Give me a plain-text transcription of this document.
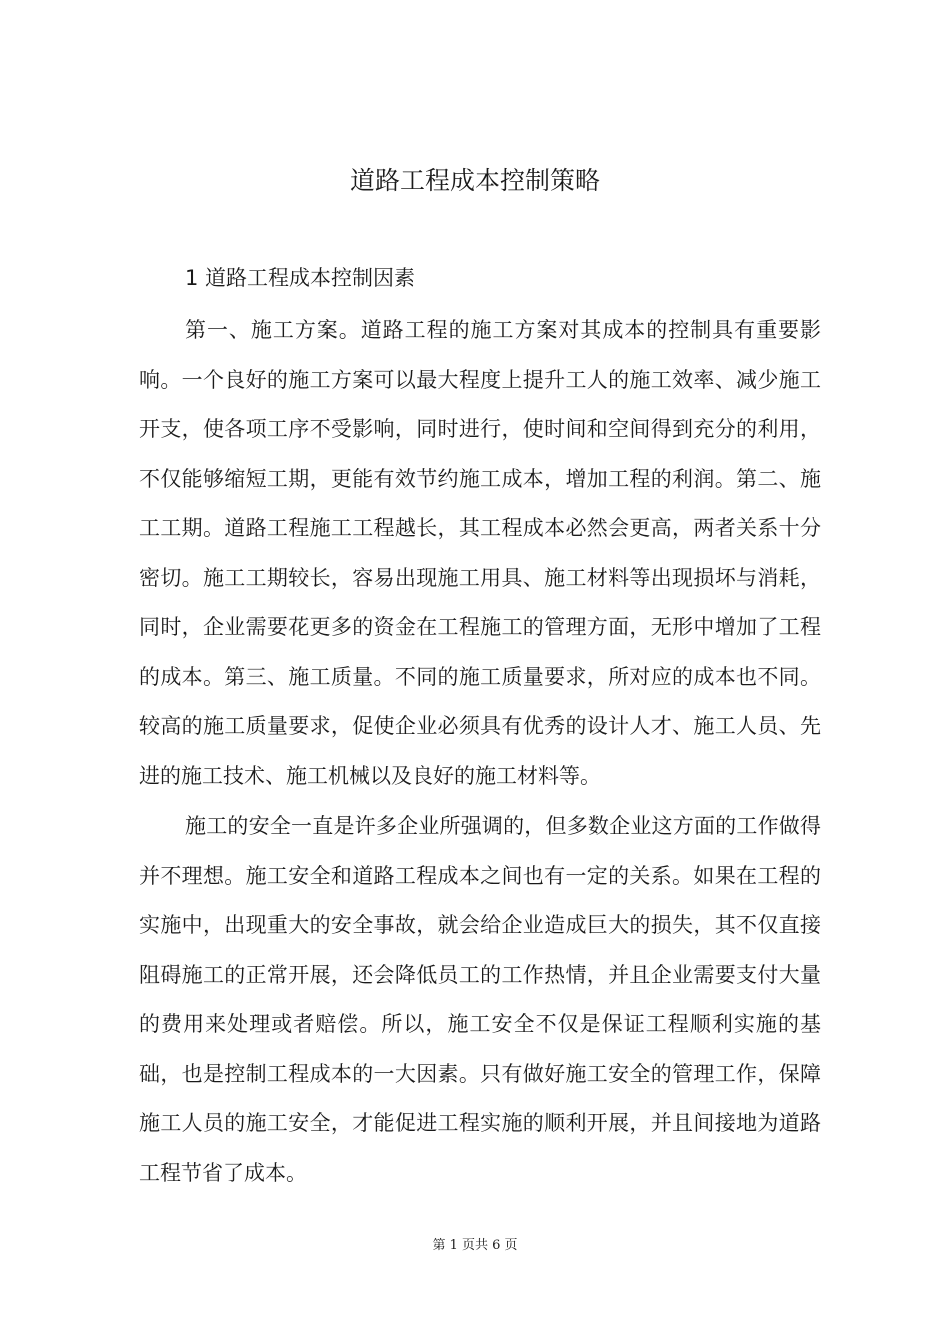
道路工程成本控制策略
1 道路工程成本控制因素

第一、施工方案。道路工程的施工方案对其成本的控制具有重要影响。一个良好的施工方案可以最大程度上提升工人的施工效率、减少施工开支，使各项工序不受影响，同时进行，使时间和空间得到充分的利用，不仅能够缩短工期，更能有效节约施工成本，增加工程的利润。第二、施工工期。道路工程施工工程越长，其工程成本必然会更高，两者关系十分密切。施工工期较长，容易出现施工用具、施工材料等出现损坏与消耗，同时，企业需要花更多的资金在工程施工的管理方面，无形中增加了工程的成本。第三、施工质量。不同的施工质量要求，所对应的成本也不同。较高的施工质量要求，促使企业必须具有优秀的设计人才、施工人员、先进的施工技术、施工机械以及良好的施工材料等。

施工的安全一直是许多企业所强调的，但多数企业这方面的工作做得并不理想。施工安全和道路工程成本之间也有一定的关系。如果在工程的实施中，出现重大的安全事故，就会给企业造成巨大的损失，其不仅直接阻碍施工的正常开展，还会降低员工的工作热情，并且企业需要支付大量的费用来处理或者赔偿。所以，施工安全不仅是保证工程顺利实施的基础，也是控制工程成本的一大因素。只有做好施工安全的管理工作，保障施工人员的施工安全，才能促进工程实施的顺利开展，并且间接地为道路工程节省了成本。

第 1 页共 6 页
